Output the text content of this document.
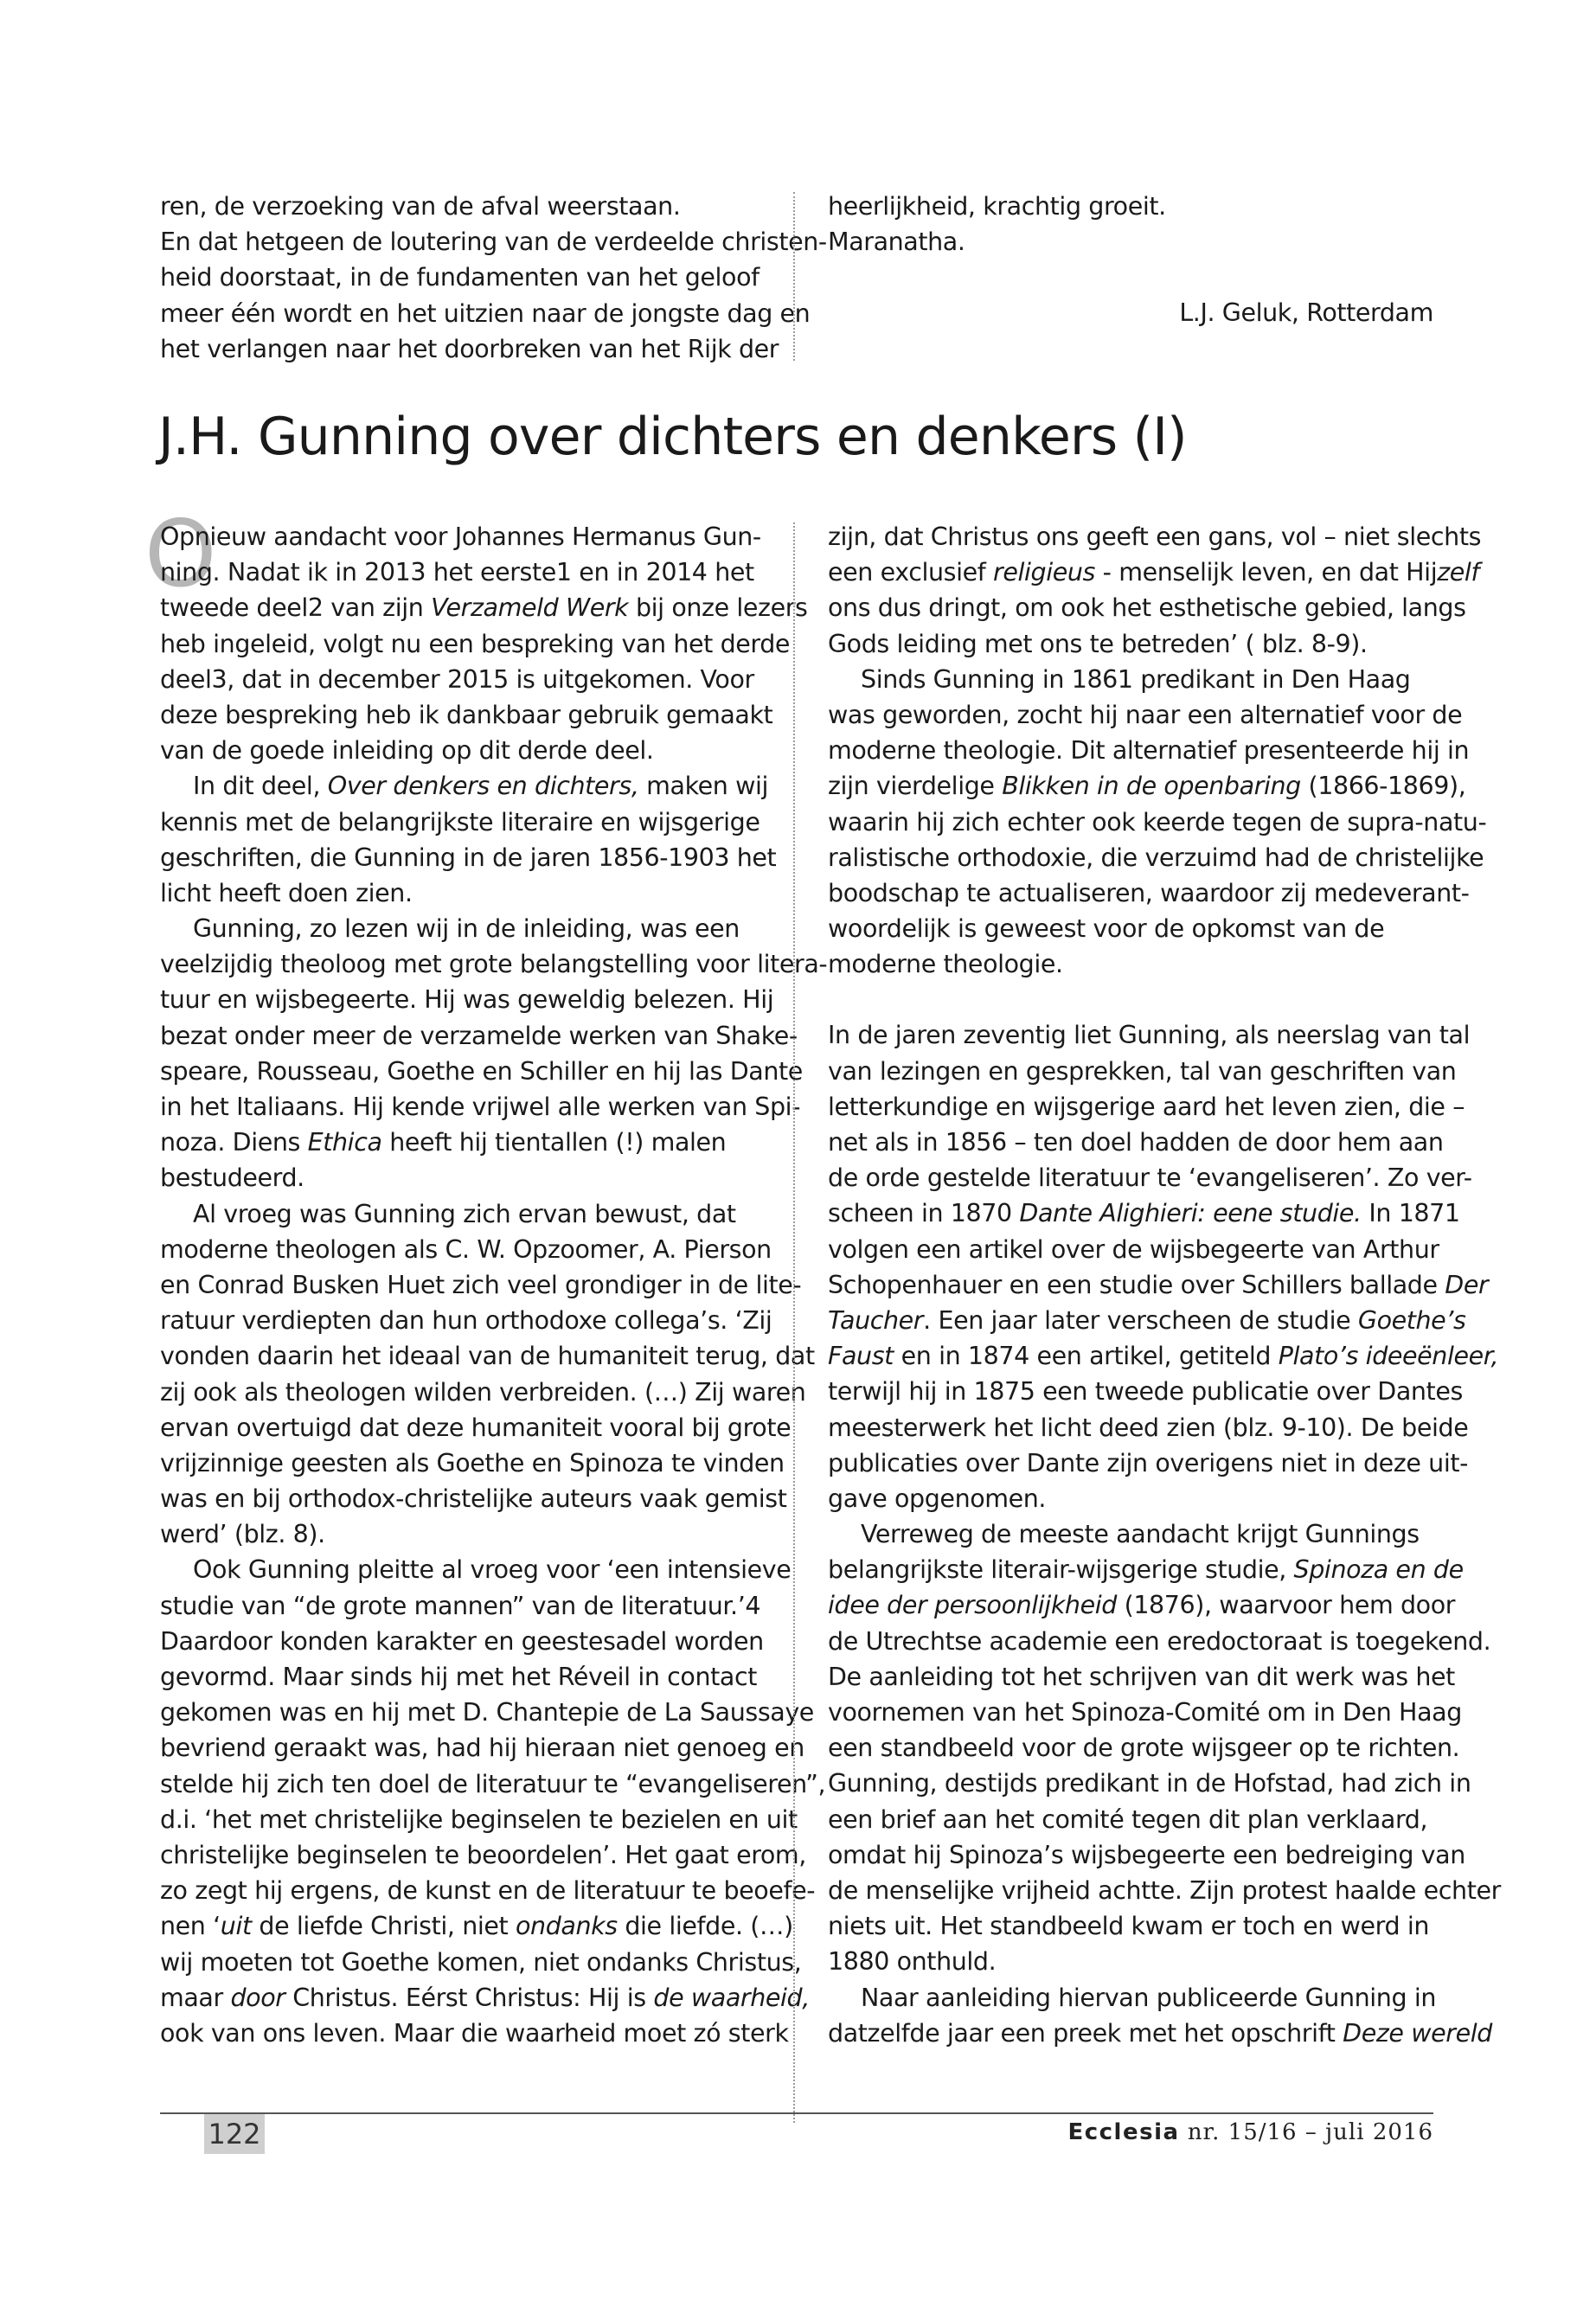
ren, de verzoeking van de afval weerstaan.
En dat hetgeen de loutering van de verdeelde christen-
heid doorstaat, in de fundamenten van het geloof
meer één wordt en het uitzien naar de jongste dag en
het verlangen naar het doorbreken van het Rijk der
heerlijkheid, krachtig groeit.
Maranatha.
L.J. Geluk, Rotterdam
J.H. Gunning over dichters en denkers (I)
O
Opnieuw aandacht voor Johannes Hermanus Gun-
ning. Nadat ik in 2013 het eerste1 en in 2014 het
tweede deel2 van zijn Verzameld Werk bij onze lezers
heb ingeleid, volgt nu een bespreking van het derde
deel3, dat in december 2015 is uitgekomen. Voor
deze bespreking heb ik dankbaar gebruik gemaakt
van de goede inleiding op dit derde deel.
In dit deel, Over denkers en dichters, maken wij
kennis met de belangrijkste literaire en wijsgerige
geschriften, die Gunning in de jaren 1856-1903 het
licht heeft doen zien.
Gunning, zo lezen wij in de inleiding, was een
veelzijdig theoloog met grote belangstelling voor litera-
tuur en wijsbegeerte. Hij was geweldig belezen. Hij
bezat onder meer de verzamelde werken van Shake-
speare, Rousseau, Goethe en Schiller en hij las Dante
in het Italiaans. Hij kende vrijwel alle werken van Spi-
noza. Diens Ethica heeft hij tientallen (!) malen
bestudeerd.
Al vroeg was Gunning zich ervan bewust, dat
moderne theologen als C. W. Opzoomer, A. Pierson
en Conrad Busken Huet zich veel grondiger in de lite-
ratuur verdiepten dan hun orthodoxe collega’s. ‘Zij
vonden daarin het ideaal van de humaniteit terug, dat
zij ook als theologen wilden verbreiden. (…) Zij waren
ervan overtuigd dat deze humaniteit vooral bij grote
vrijzinnige geesten als Goethe en Spinoza te vinden
was en bij orthodox-christelijke auteurs vaak gemist
werd’ (blz. 8).
Ook Gunning pleitte al vroeg voor ‘een intensieve
studie van “de grote mannen” van de literatuur.’4
Daardoor konden karakter en geestesadel worden
gevormd. Maar sinds hij met het Réveil in contact
gekomen was en hij met D. Chantepie de La Saussaye
bevriend geraakt was, had hij hieraan niet genoeg en
stelde hij zich ten doel de literatuur te “evangeliseren”,
d.i. ‘het met christelijke beginselen te bezielen en uit
christelijke beginselen te beoordelen’. Het gaat erom,
zo zegt hij ergens, de kunst en de literatuur te beoefe-
nen ‘uit de liefde Christi, niet ondanks die liefde. (…)
wij moeten tot Goethe komen, niet ondanks Christus,
maar door Christus. Eérst Christus: Hij is de waarheid,
ook van ons leven. Maar die waarheid moet zó sterk
zijn, dat Christus ons geeft een gans, vol – niet slechts
een exclusief religieus - menselijk leven, en dat Hijzelf
ons dus dringt, om ook het esthetische gebied, langs
Gods leiding met ons te betreden’ ( blz. 8-9).
Sinds Gunning in 1861 predikant in Den Haag
was geworden, zocht hij naar een alternatief voor de
moderne theologie. Dit alternatief presenteerde hij in
zijn vierdelige Blikken in de openbaring (1866-1869),
waarin hij zich echter ook keerde tegen de supra-natu-
ralistische orthodoxie, die verzuimd had de christelijke
boodschap te actualiseren, waardoor zij medeverant-
woordelijk is geweest voor de opkomst van de
moderne theologie.
In de jaren zeventig liet Gunning, als neerslag van tal
van lezingen en gesprekken, tal van geschriften van
letterkundige en wijsgerige aard het leven zien, die –
net als in 1856 – ten doel hadden de door hem aan
de orde gestelde literatuur te ‘evangeliseren’. Zo ver-
scheen in 1870 Dante Alighieri: eene studie. In 1871
volgen een artikel over de wijsbegeerte van Arthur
Schopenhauer en een studie over Schillers ballade Der
Taucher. Een jaar later verscheen de studie Goethe’s
Faust en in 1874 een artikel, getiteld Plato’s ideeënleer,
terwijl hij in 1875 een tweede publicatie over Dantes
meesterwerk het licht deed zien (blz. 9-10). De beide
publicaties over Dante zijn overigens niet in deze uit-
gave opgenomen.
Verreweg de meeste aandacht krijgt Gunnings
belangrijkste literair-wijsgerige studie, Spinoza en de
idee der persoonlijkheid (1876), waarvoor hem door
de Utrechtse academie een eredoctoraat is toegekend.
De aanleiding tot het schrijven van dit werk was het
voornemen van het Spinoza-Comité om in Den Haag
een standbeeld voor de grote wijsgeer op te richten.
Gunning, destijds predikant in de Hofstad, had zich in
een brief aan het comité tegen dit plan verklaard,
omdat hij Spinoza’s wijsbegeerte een bedreiging van
de menselijke vrijheid achtte. Zijn protest haalde echter
niets uit. Het standbeeld kwam er toch en werd in
1880 onthuld.
Naar aanleiding hiervan publiceerde Gunning in
datzelfde jaar een preek met het opschrift Deze wereld
122	Ecclesia nr. 15/16 – juli 2016
